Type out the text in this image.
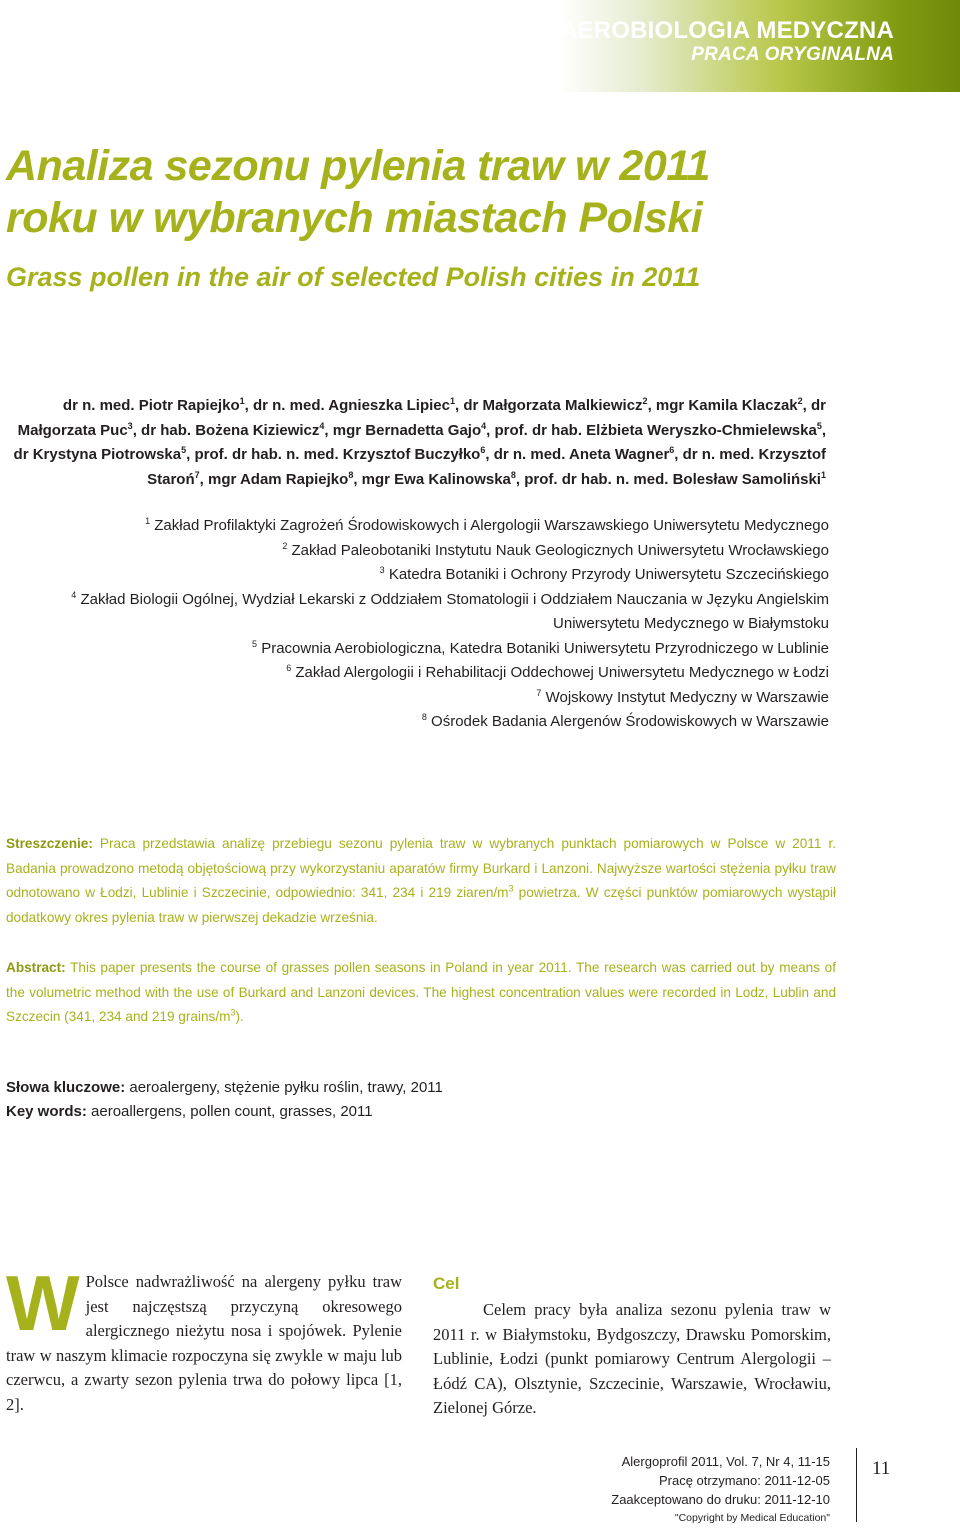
AEROBIOLOGIA MEDYCZNA
PRACA ORYGINALNA
Analiza sezonu pylenia traw w 2011
roku w wybranych miastach Polski
Grass pollen in the air of selected Polish cities in 2011
dr n. med. Piotr Rapiejko$^1$, dr n. med. Agnieszka Lipiec$^1$, dr Małgorzata Malkiewicz$^2$, mgr Kamila Klaczak$^2$, dr Małgorzata Puc$^3$, dr hab. Bożena Kiziewicz$^4$, mgr Bernadetta Gajo$^4$, prof. dr hab. Elżbieta Weryszko-Chmielewska$^5$, dr Krystyna Piotrowska$^5$, prof. dr hab. n. med. Krzysztof Buczyłko$^6$, dr n. med. Aneta Wagner$^6$, dr n. med. Krzysztof Staroń$^7$, mgr Adam Rapiejko$^8$, mgr Ewa Kalinowska$^8$, prof. dr hab. n. med. Bolesław Samoliński$^1$
$^1$ Zakład Profilaktyki Zagrożeń Środowiskowych i Alergologii Warszawskiego Uniwersytetu Medycznego
$^2$ Zakład Paleobotaniki Instytutu Nauk Geologicznych Uniwersytetu Wrocławskiego
$^3$ Katedra Botaniki i Ochrony Przyrody Uniwersytetu Szczecińskiego
$^4$ Zakład Biologii Ogólnej, Wydział Lekarski z Oddziałem Stomatologii i Oddziałem Nauczania w Języku Angielskim Uniwersytetu Medycznego w Białymstoku
$^5$ Pracownia Aerobiologiczna, Katedra Botaniki Uniwersytetu Przyrodniczego w Lublinie
$^6$ Zakład Alergologii i Rehabilitacji Oddechowej Uniwersytetu Medycznego w Łodzi
$^7$ Wojskowy Instytut Medyczny w Warszawie
$^8$ Ośrodek Badania Alergenów Środowiskowych w Warszawie
Streszczenie: Praca przedstawia analizę przebiegu sezonu pylenia traw w wybranych punktach pomiarowych w Polsce w 2011 r. Badania prowadzono metodą objętościową przy wykorzystaniu aparatów firmy Burkard i Lanzoni. Najwyższe wartości stężenia pyłku traw odnotowano w Łodzi, Lublinie i Szczecinie, odpowiednio: 341, 234 i 219 ziaren/$m^3$ powietrza. W części punktów pomiarowych wystąpił dodatkowy okres pylenia traw w pierwszej dekadzie września.
Abstract: This paper presents the course of grasses pollen seasons in Poland in year 2011. The research was carried out by means of the volumetric method with the use of Burkard and Lanzoni devices. The highest concentration values were recorded in Lodz, Lublin and Szczecin (341, 234 and 219 grains/$m^3$).
Słowa kluczowe: aeroalergeny, stężenie pyłku roślin, trawy, 2011
Key words: aeroallergens, pollen count, grasses, 2011
W Polsce nadwrażliwość na alergeny pyłku traw jest najczęstszą przyczyną okresowego alergicznego nieżytu nosa i spojówek. Pylenie traw w naszym klimacie rozpoczyna się zwykle w maju lub czerwcu, a zwarty sezon pylenia trwa do połowy lipca [1, 2].
Cel
Celem pracy była analiza sezonu pylenia traw w 2011 r. w Białymstoku, Bydgoszczy, Drawsku Pomorskim, Lublinie, Łodzi (punkt pomiarowy Centrum Alergologii – Łódź CA), Olsztynie, Szczecinie, Warszawie, Wrocławiu, Zielonej Górze.
Alergoprofil 2011, Vol. 7, Nr 4, 11-15
Pracę otrzymano: 2011-12-05
Zaakceptowano do druku: 2011-12-10
"Copyright by Medical Education"
11
